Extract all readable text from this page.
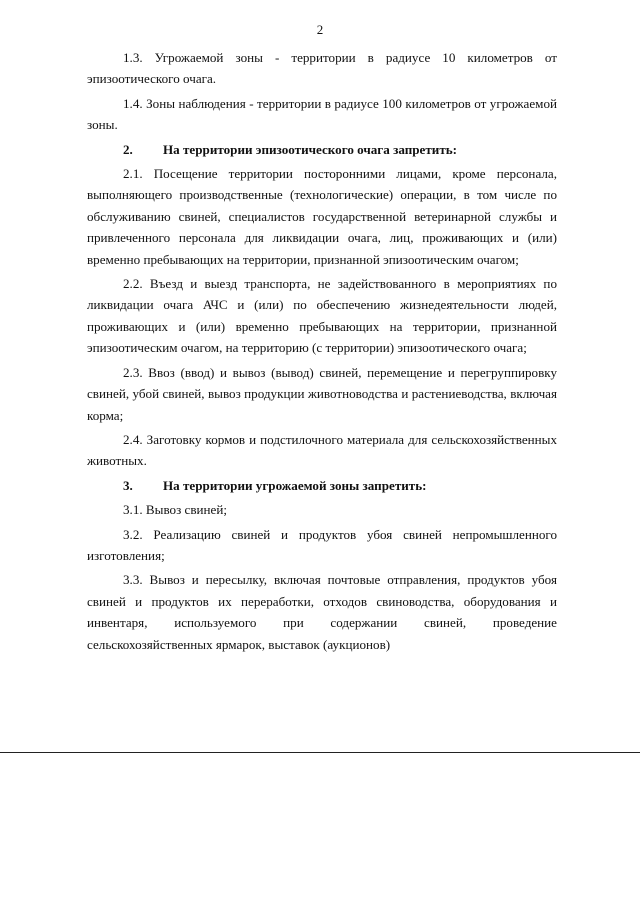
2

1.3. Угрожаемой зоны - территории в радиусе 10 километров от эпизоотического очага.

1.4. Зоны наблюдения - территории в радиусе 100 километров от угрожаемой зоны.

2. На территории эпизоотического очага запретить:

2.1. Посещение территории посторонними лицами, кроме персонала, выполняющего производственные (технологические) операции, в том числе по обслуживанию свиней, специалистов государственной ветеринарной службы и привлеченного персонала для ликвидации очага, лиц, проживающих и (или) временно пребывающих на территории, признанной эпизоотическим очагом;

2.2. Въезд и выезд транспорта, не задействованного в мероприятиях по ликвидации очага АЧС и (или) по обеспечению жизнедеятельности людей, проживающих и (или) временно пребывающих на территории, признанной эпизоотическим очагом, на территорию (с территории) эпизоотического очага;

2.3. Ввоз (ввод) и вывоз (вывод) свиней, перемещение и перегруппировку свиней, убой свиней, вывоз продукции животноводства и растениеводства, включая корма;

2.4. Заготовку кормов и подстилочного материала для сельскохозяйственных животных.

3. На территории угрожаемой зоны запретить:

3.1. Вывоз свиней;

3.2. Реализацию свиней и продуктов убоя свиней непромышленного изготовления;

3.3. Вывоз и пересылку, включая почтовые отправления, продуктов убоя свиней и продуктов их переработки, отходов свиноводства, оборудования и инвентаря, используемого при содержании свиней, проведение сельскохозяйственных ярмарок, выставок (аукционов)
